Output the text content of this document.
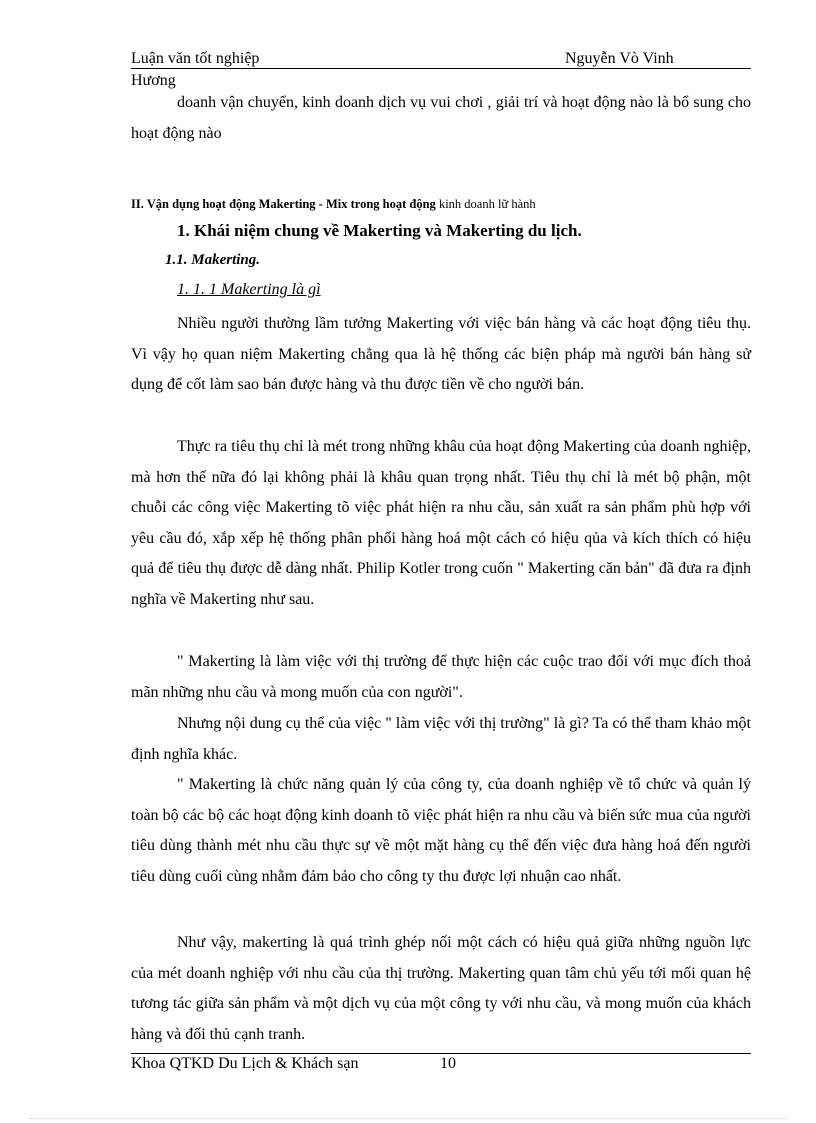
Luận văn tốt nghiệp	Nguyễn Vò Vinh
Hương

doanh vận chuyển, kinh doanh dịch vụ vui chơi , giải trí và hoạt động nào là bổ sung cho hoạt động nào

II. Vận dụng hoạt động Makerting - Mix trong hoạt động kinh doanh lữ hành
1. Khái niệm chung về Makerting và Makerting du lịch.
1.1. Makerting.
1. 1. 1 Makerting là gì

Nhiều người thường lầm tưởng Makerting với việc bán hàng và các hoạt động tiêu thụ. Vì vậy họ quan niệm Makerting chẳng qua là hệ thống các biện pháp mà người bán hàng sử dụng để cốt làm sao bán được hàng và thu được tiền về cho người bán.

Thực ra tiêu thụ chỉ là mét trong những khâu của hoạt động Makerting của doanh nghiệp, mà hơn thế nữa đó lại không phải là khâu quan trọng nhất. Tiêu thụ chỉ là mét bộ phận, một chuỗi các công việc Makerting tõ việc phát hiện ra nhu cầu, sản xuất ra sản phẩm phù hợp với yêu cầu đó, xắp xếp hệ thống phân phối hàng hoá một cách có hiệu qủa và kích thích có hiệu quả để tiêu thụ được dễ dàng nhất. Philip Kotler trong cuốn " Makerting căn bản" đã đưa ra định nghĩa về Makerting như sau.

" Makerting là làm việc với thị trường để thực hiện các cuộc trao đổi với mục đích thoả mãn những nhu cầu và mong muốn của con người".

Nhưng nội dung cụ thể của việc " làm việc với thị trường" là gì? Ta có thể tham khảo một định nghĩa khác.

" Makerting là chức năng quản lý của công ty, của doanh nghiệp về tổ chức và quản lý toàn bộ các bộ các hoạt động kinh doanh tõ việc phát hiện ra nhu cầu và biến sức mua của người tiêu dùng thành mét nhu cầu thực sự về một mặt hàng cụ thể đến việc đưa hàng hoá đến người tiêu dùng cuối cùng nhằm đảm bảo cho công ty thu được lợi nhuận cao nhất.

Như vậy, makerting là quá trình ghép nối một cách có hiệu quả giữa những nguồn lực của mét doanh nghiệp với nhu cầu của thị trường. Makerting quan tâm chủ yếu tới mối quan hệ tương tác giữa sản phẩm và một dịch vụ của một công ty với nhu cầu, và mong muốn của khách hàng và đối thủ cạnh tranh.

Khoa QTKD Du Lịch & Khách sạn	10
